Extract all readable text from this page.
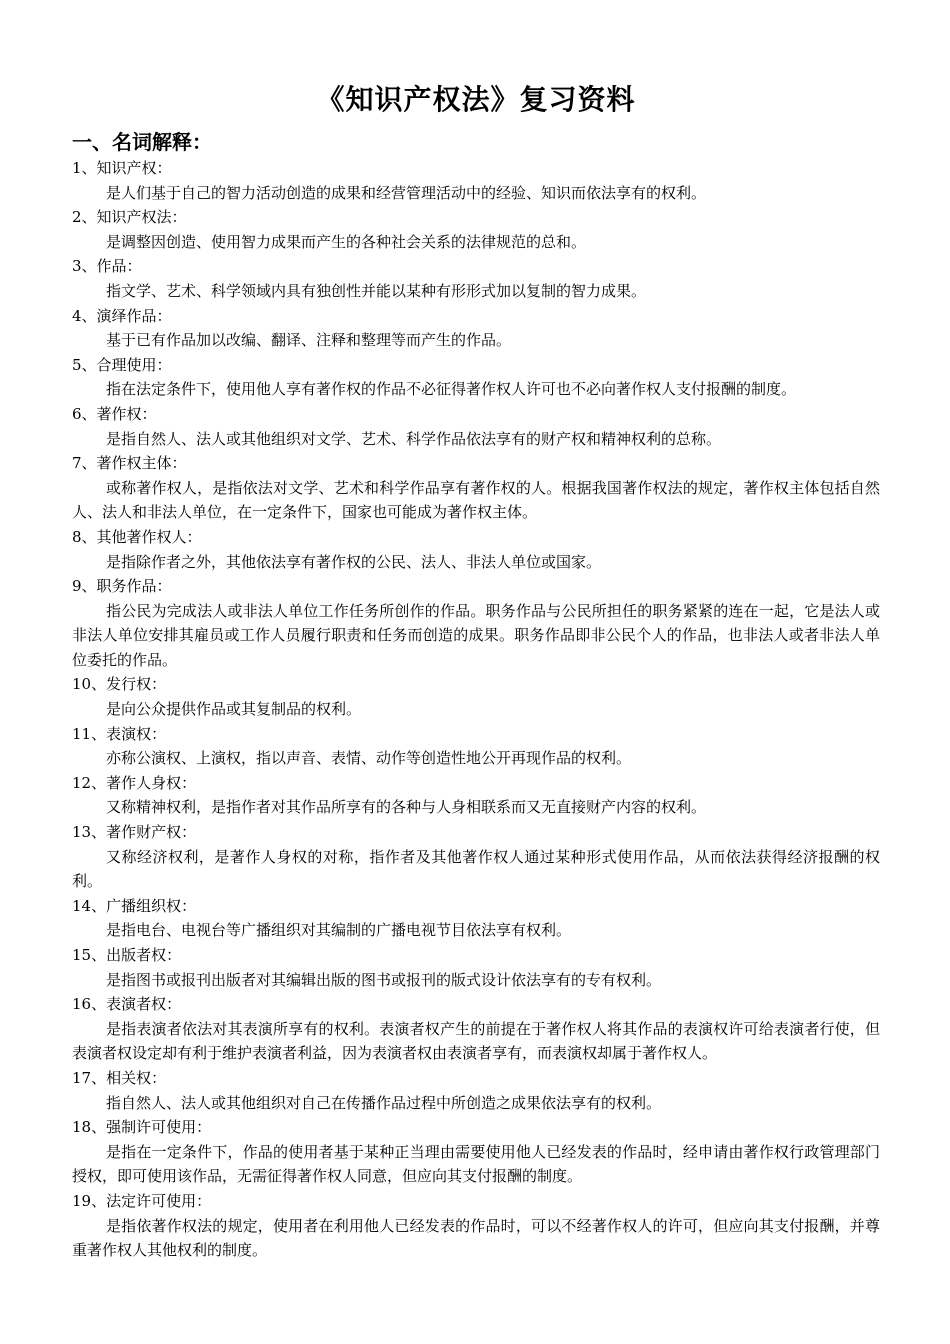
《知识产权法》复习资料
一、名词解释：
1、知识产权：
是人们基于自己的智力活动创造的成果和经营管理活动中的经验、知识而依法享有的权利。
2、知识产权法：
是调整因创造、使用智力成果而产生的各种社会关系的法律规范的总和。
3、作品：
指文学、艺术、科学领域内具有独创性并能以某种有形形式加以复制的智力成果。
4、演绎作品：
基于已有作品加以改编、翻译、注释和整理等而产生的作品。
5、合理使用：
指在法定条件下，使用他人享有著作权的作品不必征得著作权人许可也不必向著作权人支付报酬的制度。
6、著作权：
是指自然人、法人或其他组织对文学、艺术、科学作品依法享有的财产权和精神权利的总称。
7、著作权主体：
或称著作权人，是指依法对文学、艺术和科学作品享有著作权的人。根据我国著作权法的规定，著作权主体包括自然人、法人和非法人单位，在一定条件下，国家也可能成为著作权主体。
8、其他著作权人：
是指除作者之外，其他依法享有著作权的公民、法人、非法人单位或国家。
9、职务作品：
指公民为完成法人或非法人单位工作任务所创作的作品。职务作品与公民所担任的职务紧紧的连在一起，它是法人或非法人单位安排其雇员或工作人员履行职责和任务而创造的成果。职务作品即非公民个人的作品，也非法人或者非法人单位委托的作品。
10、发行权：
是向公众提供作品或其复制品的权利。
11、表演权：
亦称公演权、上演权，指以声音、表情、动作等创造性地公开再现作品的权利。
12、著作人身权：
又称精神权利，是指作者对其作品所享有的各种与人身相联系而又无直接财产内容的权利。
13、著作财产权：
又称经济权利，是著作人身权的对称，指作者及其他著作权人通过某种形式使用作品，从而依法获得经济报酬的权利。
14、广播组织权：
是指电台、电视台等广播组织对其编制的广播电视节目依法享有权利。
15、出版者权：
是指图书或报刊出版者对其编辑出版的图书或报刊的版式设计依法享有的专有权利。
16、表演者权：
是指表演者依法对其表演所享有的权利。表演者权产生的前提在于著作权人将其作品的表演权许可给表演者行使，但表演者权设定却有利于维护表演者利益，因为表演者权由表演者享有，而表演权却属于著作权人。
17、相关权：
指自然人、法人或其他组织对自己在传播作品过程中所创造之成果依法享有的权利。
18、强制许可使用：
是指在一定条件下，作品的使用者基于某种正当理由需要使用他人已经发表的作品时，经申请由著作权行政管理部门授权，即可使用该作品，无需征得著作权人同意，但应向其支付报酬的制度。
19、法定许可使用：
是指依著作权法的规定，使用者在利用他人已经发表的作品时，可以不经著作权人的许可，但应向其支付报酬，并尊重著作权人其他权利的制度。
